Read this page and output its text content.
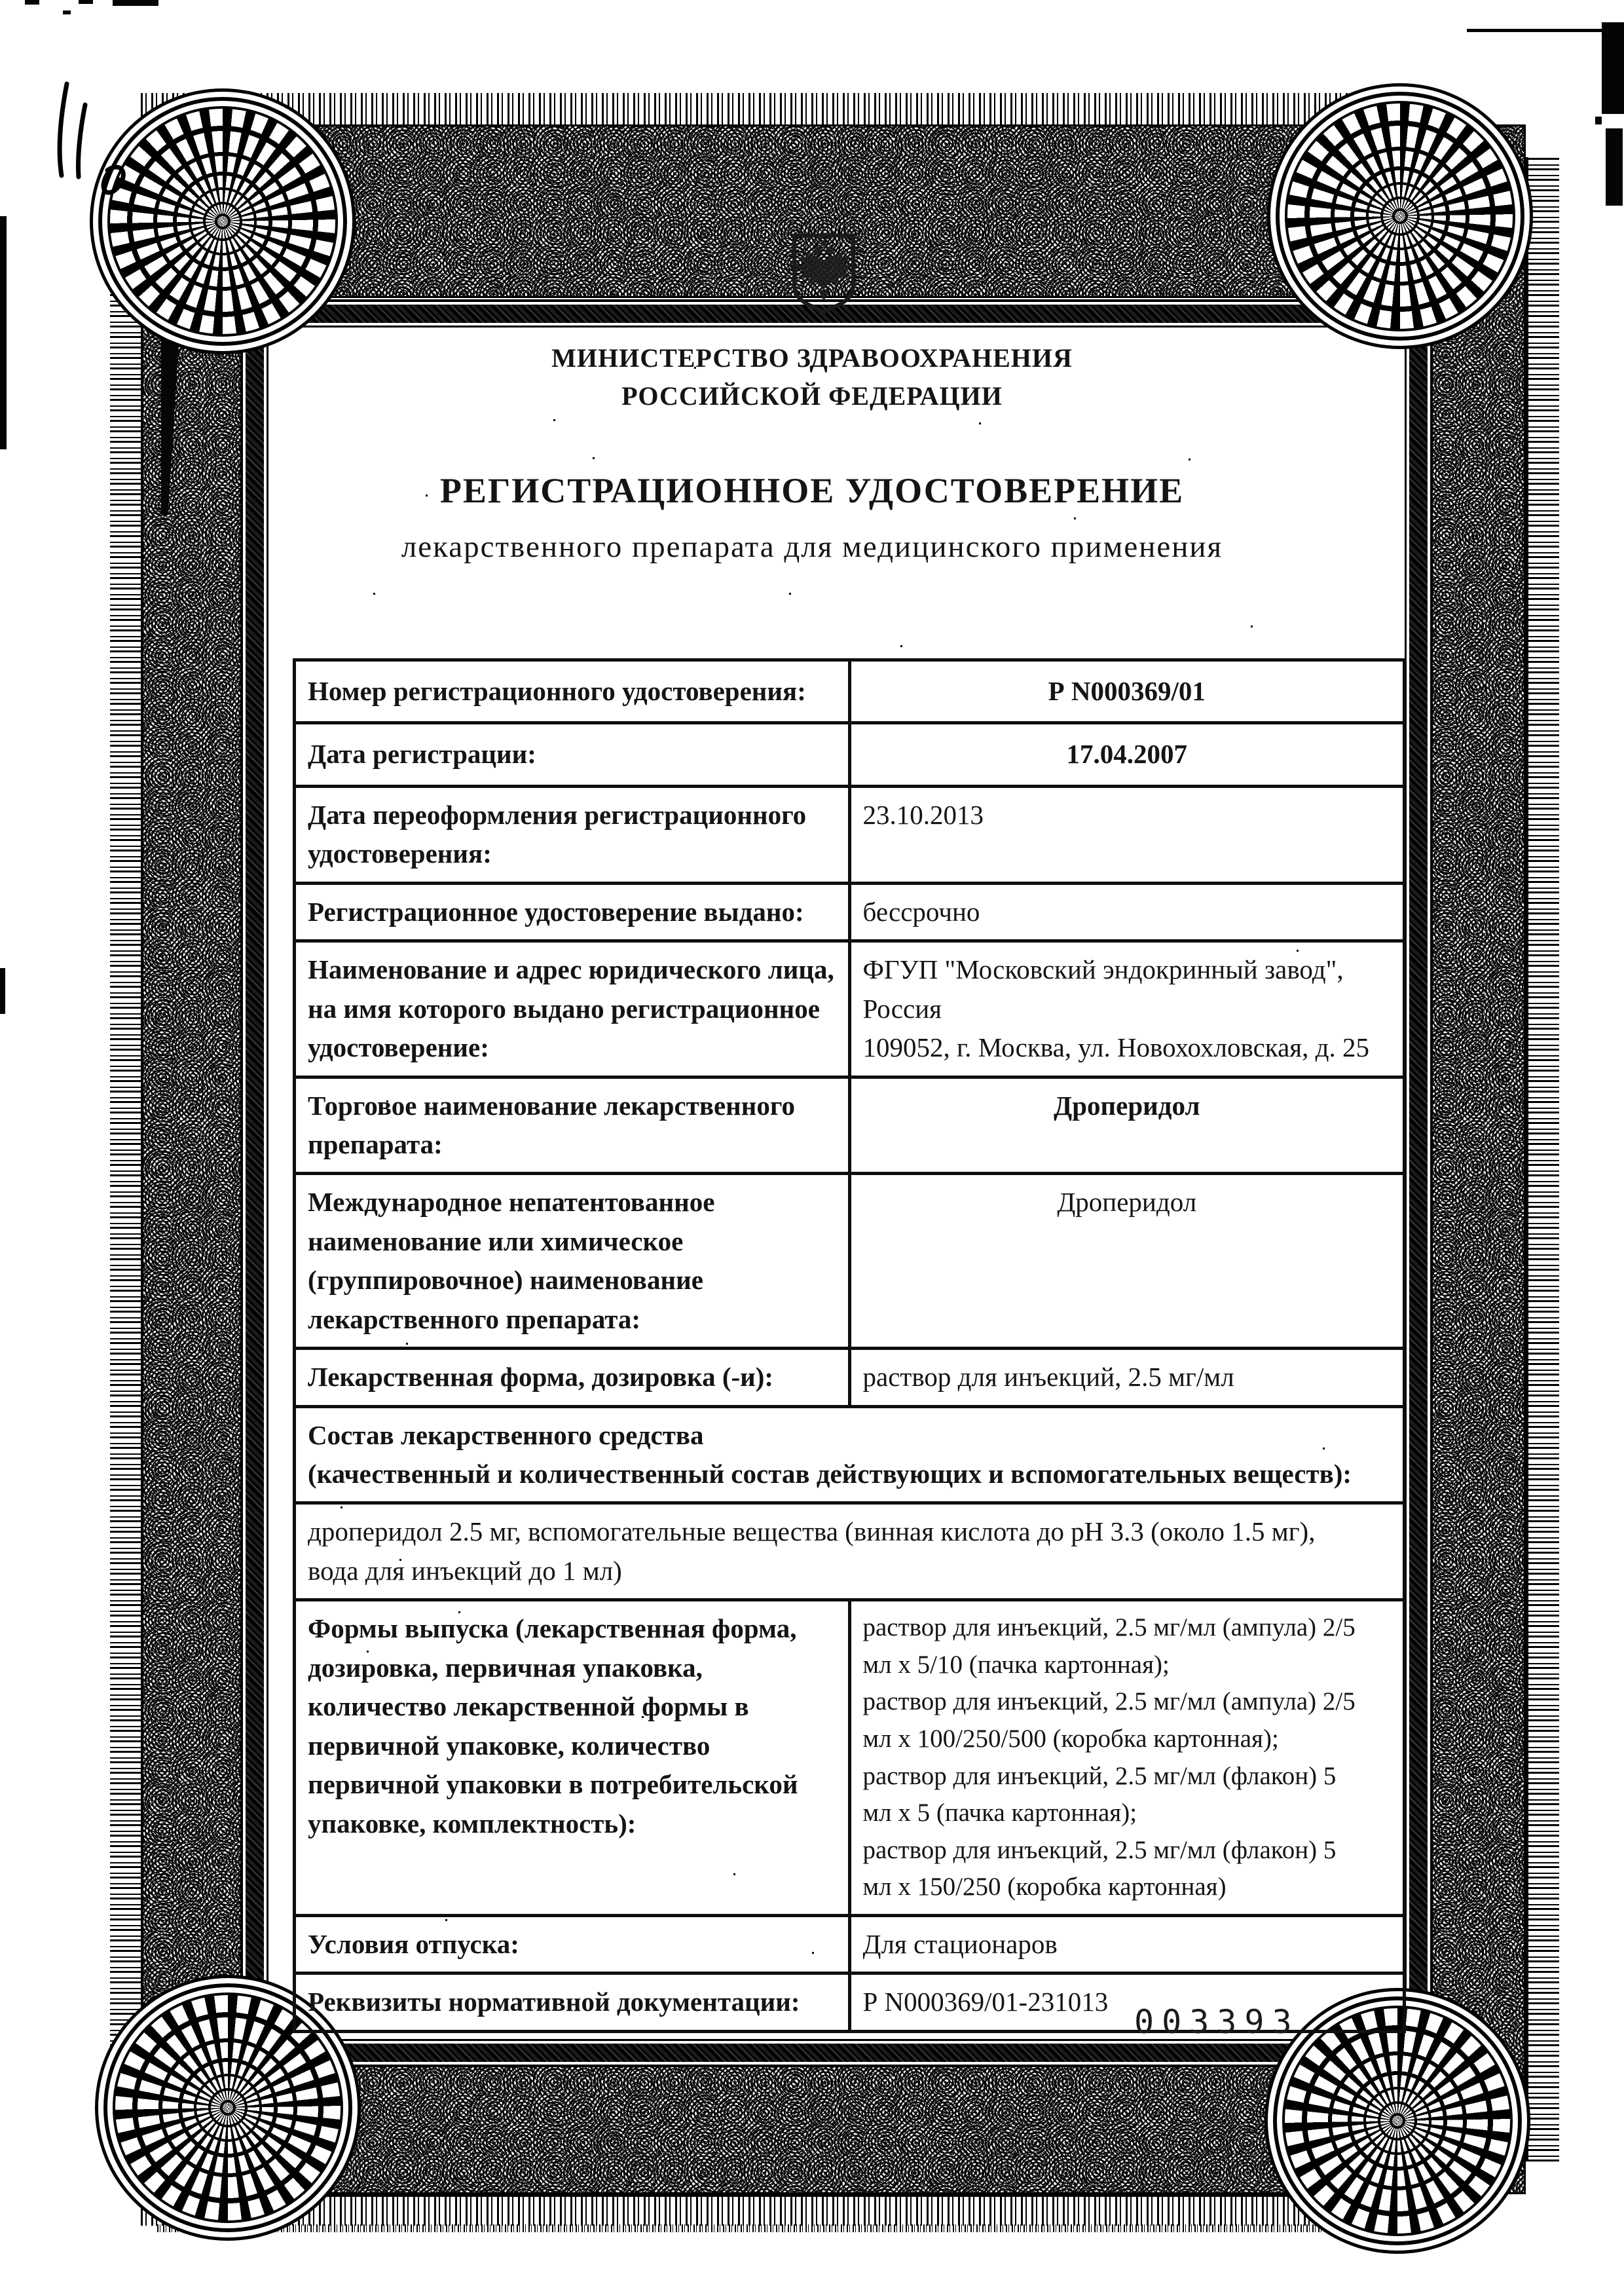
МИНИСТЕРСТВО ЗДРАВООХРАНЕНИЯ
РОССИЙСКОЙ ФЕДЕРАЦИИ
РЕГИСТРАЦИОННОЕ УДОСТОВЕРЕНИЕ
лекарственного препарата для медицинского применения
Номер регистрационного удостоверения:	Р N000369/01

Дата регистрации:	17.04.2007

Дата переоформления регистрационного
удостоверения:	23.10.2013

Регистрационное удостоверение выдано:	бессрочно

Наименование и адрес юридического лица,
на имя которого выдано регистрационное
удостоверение:

ФГУП "Московский эндокринный завод",
Россия
109052, г. Москва, ул. Новохохловская, д. 25

Торговое наименование лекарственного
препарата:	Дроперидол

Международное непатентованное
наименование или химическое
(группировочное) наименование
лекарственного препарата:	Дроперидол

Лекарственная форма, дозировка (-и):	раствор для инъекций, 2.5 мг/мл

Состав лекарственного средства
(качественный и количественный состав действующих и вспомогательных веществ):	

дроперидол 2.5 мг, вспомогательные вещества (винная кислота до pH 3.3 (около 1.5 мг),
вода для инъекций до 1 мл)	

Формы выпуска (лекарственная форма,
дозировка, первичная упаковка,
количество лекарственной формы в
первичной упаковке, количество
первичной упаковки в потребительской
упаковке, комплектность):

раствор для инъекций, 2.5 мг/мл (ампула) 2/5
мл х 5/10 (пачка картонная);
раствор для инъекций, 2.5 мг/мл (ампула) 2/5
мл х 100/250/500 (коробка картонная);
раствор для инъекций, 2.5 мг/мл (флакон) 5
мл х 5 (пачка картонная);
раствор для инъекций, 2.5 мг/мл (флакон) 5
мл х 150/250 (коробка картонная)

Условия отпуска:	Для стационаров

Реквизиты нормативной документации:	Р N000369/01-231013
003393
